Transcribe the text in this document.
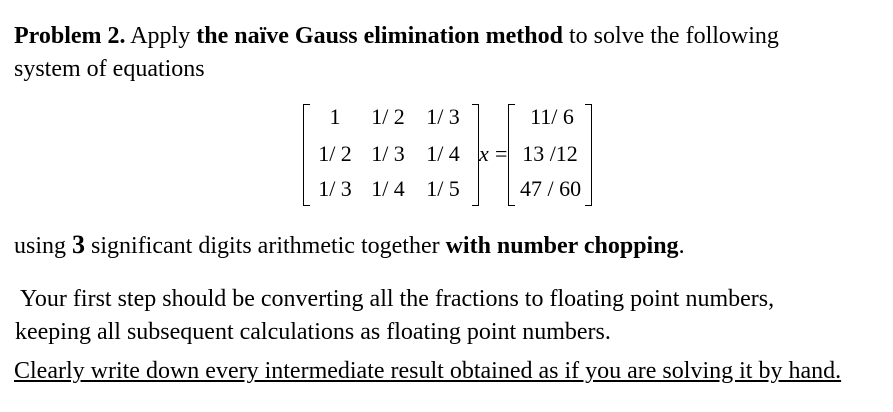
Problem 2. Apply the naïve Gauss elimination method to solve the following
system of equations
1	1/ 2 1/ 3
1/ 2 1/ 3 1/ 4
1/ 3 1/ 4 1/ 5
x =
11/ 6
13 /12
47 / 60
using 3 significant digits arithmetic together with number chopping.
Your first step should be converting all the fractions to floating point numbers,
keeping all subsequent calculations as floating point numbers.
Clearly write down every intermediate result obtained as if you are solving it by hand.
